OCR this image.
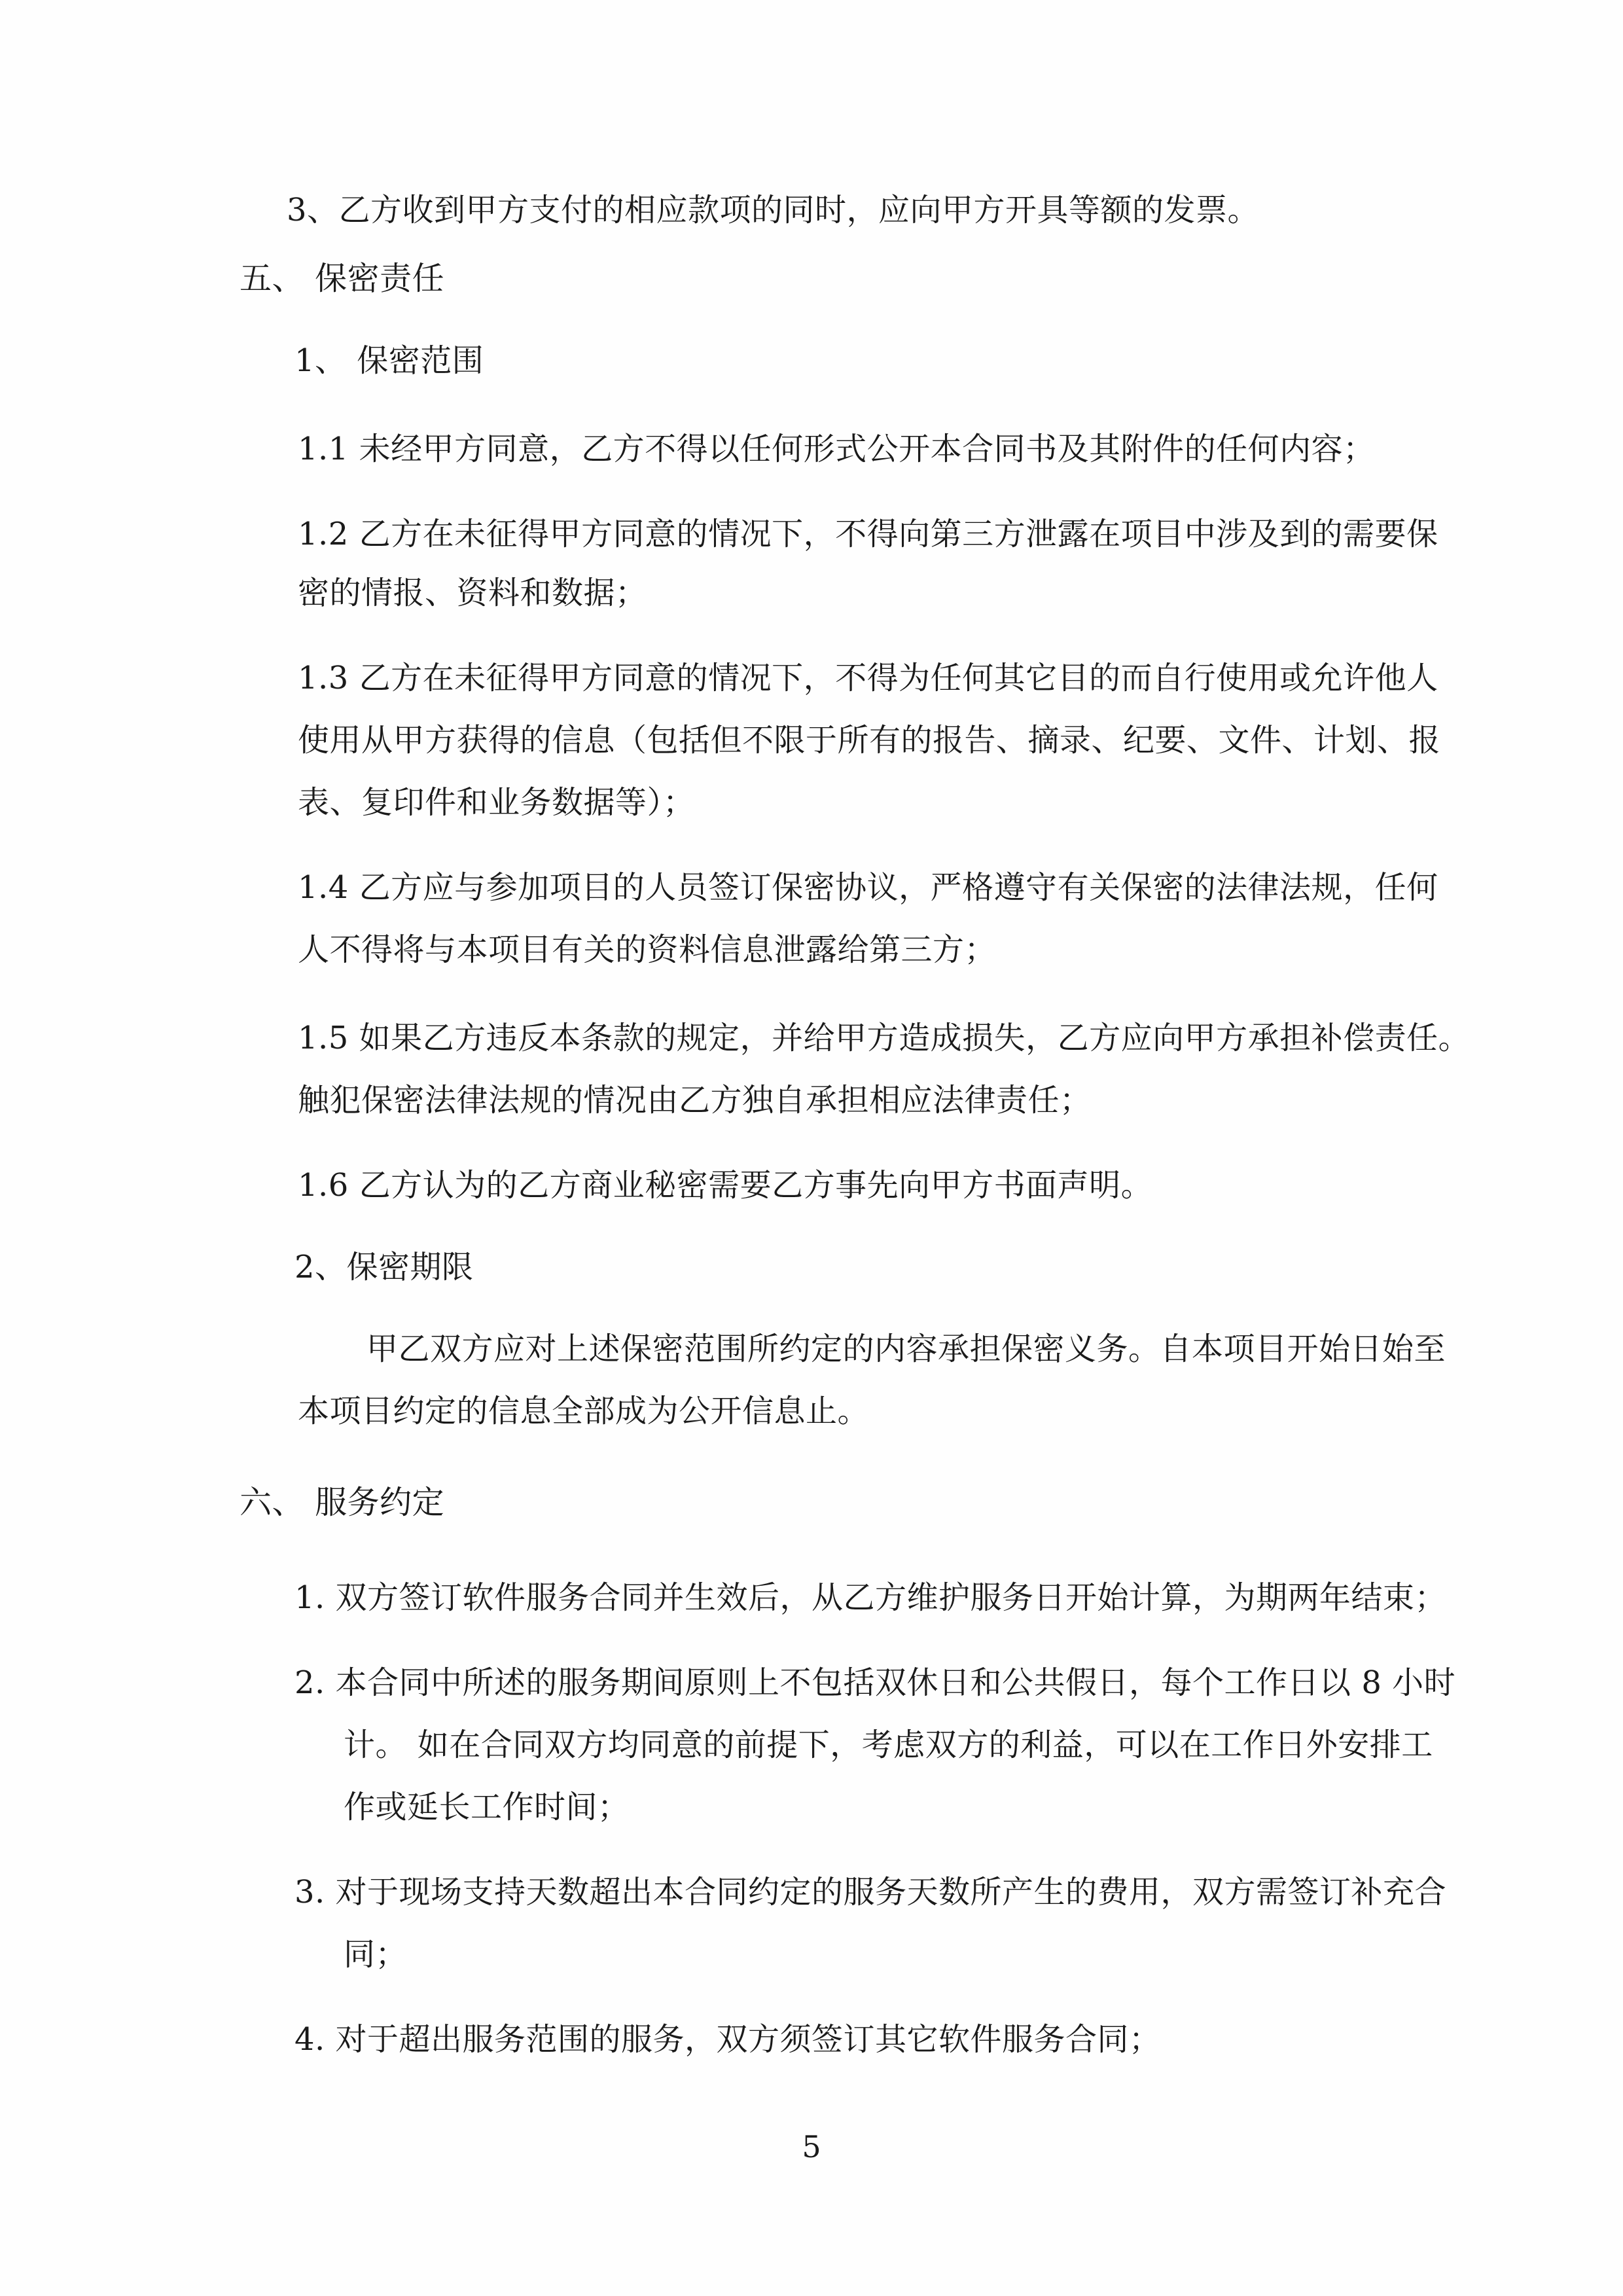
3、乙方收到甲方支付的相应款项的同时，应向甲方开具等额的发票。
五、 保密责任
1、 保密范围
1.1 未经甲方同意，乙方不得以任何形式公开本合同书及其附件的任何内容；
1.2 乙方在未征得甲方同意的情况下，不得向第三方泄露在项目中涉及到的需要保
密的情报、资料和数据；
1.3 乙方在未征得甲方同意的情况下，不得为任何其它目的而自行使用或允许他人
使用从甲方获得的信息（包括但不限于所有的报告、摘录、纪要、文件、计划、报
表、复印件和业务数据等）；
1.4 乙方应与参加项目的人员签订保密协议，严格遵守有关保密的法律法规，任何
人不得将与本项目有关的资料信息泄露给第三方；
1.5 如果乙方违反本条款的规定，并给甲方造成损失，乙方应向甲方承担补偿责任。
触犯保密法律法规的情况由乙方独自承担相应法律责任；
1.6 乙方认为的乙方商业秘密需要乙方事先向甲方书面声明。
2、保密期限
甲乙双方应对上述保密范围所约定的内容承担保密义务。自本项目开始日始至
本项目约定的信息全部成为公开信息止。
六、 服务约定
1. 双方签订软件服务合同并生效后，从乙方维护服务日开始计算，为期两年结束；
2. 本合同中所述的服务期间原则上不包括双休日和公共假日，每个工作日以 8 小时
计。 如在合同双方均同意的前提下，考虑双方的利益，可以在工作日外安排工
作或延长工作时间；
3. 对于现场支持天数超出本合同约定的服务天数所产生的费用，双方需签订补充合
同；
4. 对于超出服务范围的服务，双方须签订其它软件服务合同；
5
